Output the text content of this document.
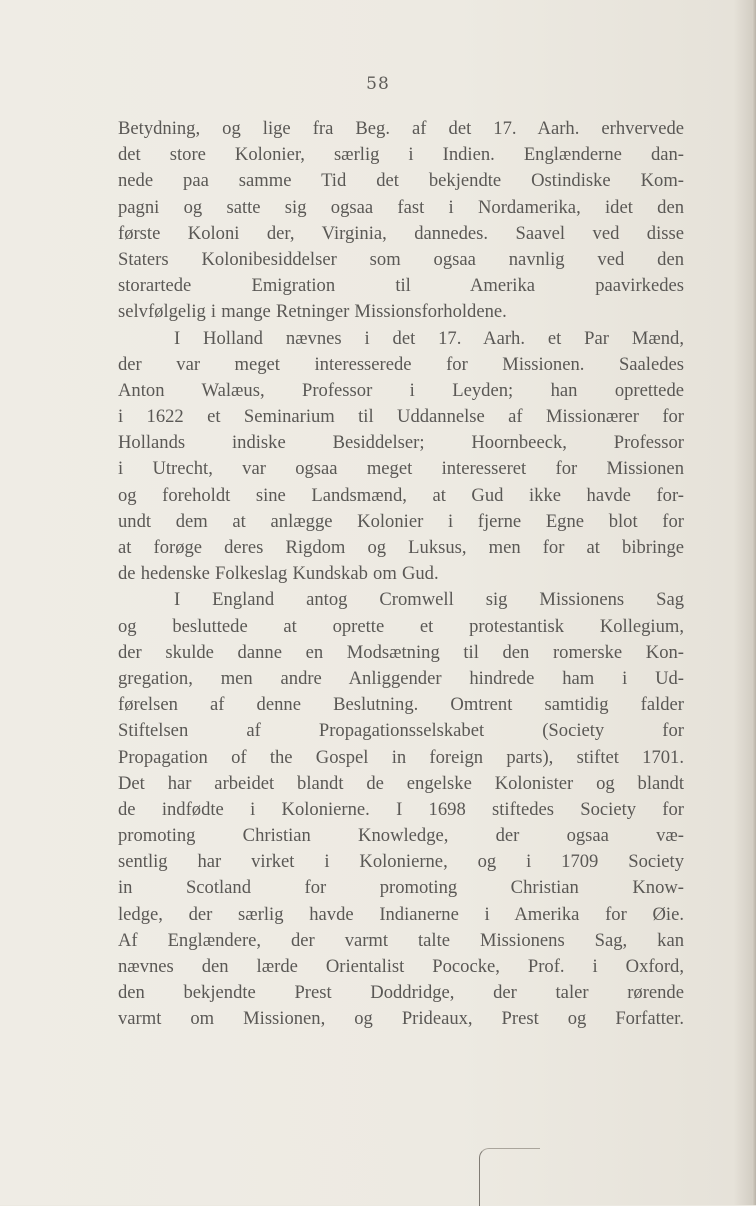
58
Betydning, og lige fra Beg. af det 17. Aarh. erhvervede
det store Kolonier, særlig i Indien. Englænderne dan-
nede paa samme Tid det bekjendte Ostindiske Kom-
pagni og satte sig ogsaa fast i Nordamerika, idet den
første Koloni der, Virginia, dannedes. Saavel ved disse
Staters Kolonibesiddelser som ogsaa navnlig ved den
storartede Emigration til Amerika paavirkedes
selvfølgelig i mange Retninger Missionsforholdene.
I Holland nævnes i det 17. Aarh. et Par Mænd,
der var meget interesserede for Missionen. Saaledes
Anton Walæus, Professor i Leyden; han oprettede
i 1622 et Seminarium til Uddannelse af Missionærer for
Hollands indiske Besiddelser; Hoornbeeck, Professor
i Utrecht, var ogsaa meget interesseret for Missionen
og foreholdt sine Landsmænd, at Gud ikke havde for-
undt dem at anlægge Kolonier i fjerne Egne blot for
at forøge deres Rigdom og Luksus, men for at bibringe
de hedenske Folkeslag Kundskab om Gud.
I England antog Cromwell sig Missionens Sag
og besluttede at oprette et protestantisk Kollegium,
der skulde danne en Modsætning til den romerske Kon-
gregation, men andre Anliggender hindrede ham i Ud-
førelsen af denne Beslutning. Omtrent samtidig falder
Stiftelsen af Propagationsselskabet (Society for
Propagation of the Gospel in foreign parts), stiftet 1701.
Det har arbeidet blandt de engelske Kolonister og blandt
de indfødte i Kolonierne. I 1698 stiftedes Society for
promoting Christian Knowledge, der ogsaa væ-
sentlig har virket i Kolonierne, og i 1709 Society
in Scotland for promoting Christian Know-
ledge, der særlig havde Indianerne i Amerika for Øie.
Af Englændere, der varmt talte Missionens Sag, kan
nævnes den lærde Orientalist Pococke, Prof. i Oxford,
den bekjendte Prest Doddridge, der taler rørende
varmt om Missionen, og Prideaux, Prest og Forfatter.
